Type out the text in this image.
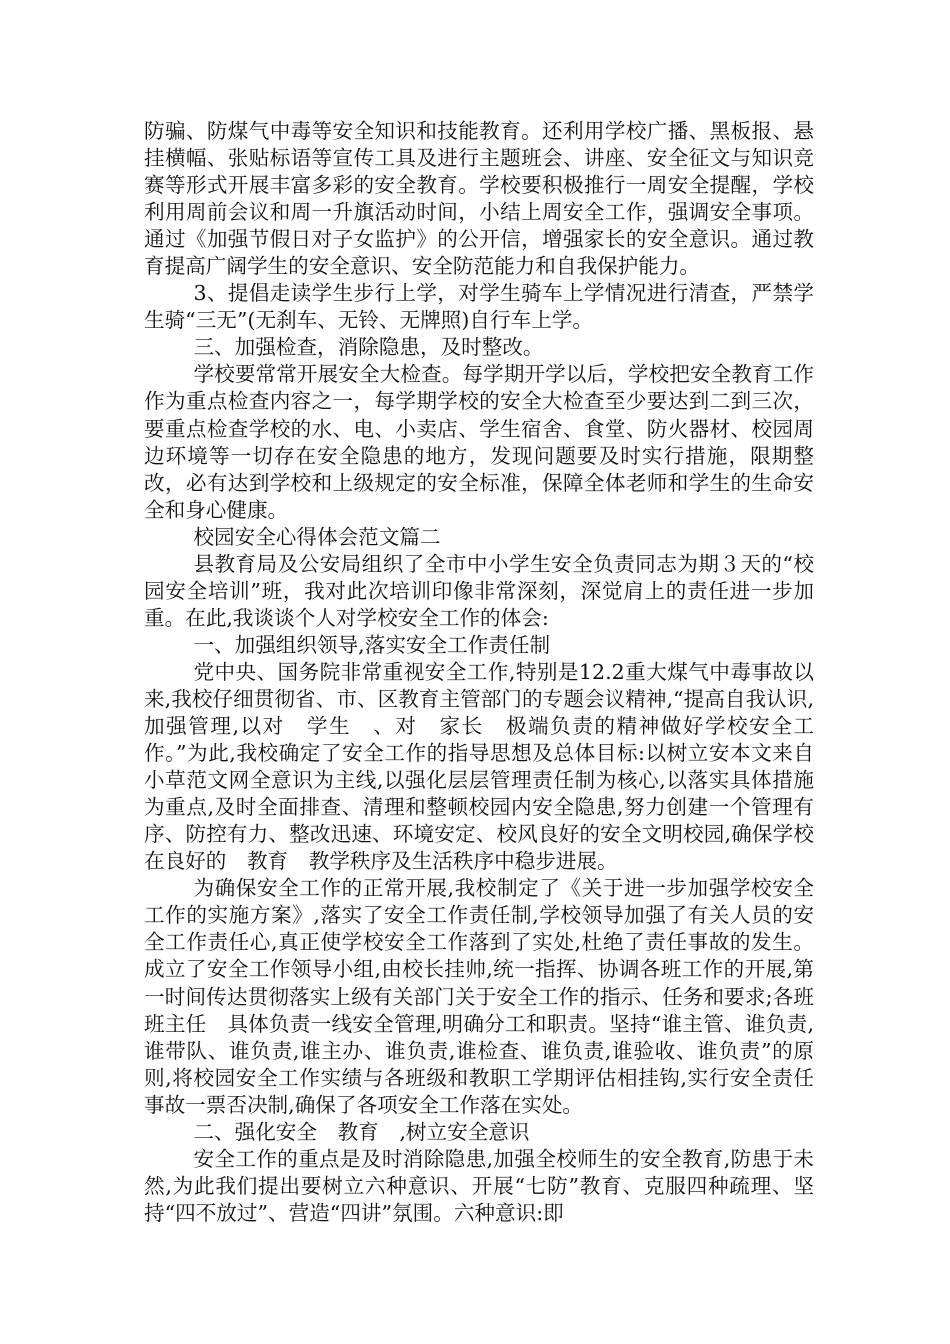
防骗、防煤气中毒等安全知识和技能教育。还利用学校广播、黑板报、悬挂横幅、张贴标语等宣传工具及进行主题班会、讲座、安全征文与知识竞赛等形式开展丰富多彩的安全教育。学校要积极推行一周安全提醒，学校利用周前会议和周一升旗活动时间，小结上周安全工作，强调安全事项。通过《加强节假日对子女监护》的公开信，增强家长的安全意识。通过教育提高广阔学生的安全意识、安全防范能力和自我保护能力。

3、提倡走读学生步行上学，对学生骑车上学情况进行清查，严禁学生骑“三无”(无刹车、无铃、无牌照)自行车上学。

三、加强检查，消除隐患，及时整改。

学校要常常开展安全大检查。每学期开学以后，学校把安全教育工作作为重点检查内容之一，每学期学校的安全大检查至少要达到二到三次，要重点检查学校的水、电、小卖店、学生宿舍、食堂、防火器材、校园周边环境等一切存在安全隐患的地方，发现问题要及时实行措施，限期整改，必有达到学校和上级规定的安全标准，保障全体老师和学生的生命安全和身心健康。

校园安全心得体会范文篇二

县教育局及公安局组织了全市中小学生安全负责同志为期３天的“校园安全培训”班，我对此次培训印像非常深刻，深觉肩上的责任进一步加重。在此,我谈谈个人对学校安全工作的体会:

一、加强组织领导,落实安全工作责任制

党中央、国务院非常重视安全工作,特别是12.2重大煤气中毒事故以来,我校仔细贯彻省、市、区教育主管部门的专题会议精神,“提高自我认识,加强管理,以对　学生　、对　家长　极端负责的精神做好学校安全工作。”为此,我校确定了安全工作的指导思想及总体目标:以树立安本文来自小草范文网全意识为主线,以强化层层管理责任制为核心,以落实具体措施为重点,及时全面排查、清理和整顿校园内安全隐患,努力创建一个管理有序、防控有力、整改迅速、环境安定、校风良好的安全文明校园,确保学校在良好的　教育　教学秩序及生活秩序中稳步进展。

为确保安全工作的正常开展,我校制定了《关于进一步加强学校安全工作的实施方案》,落实了安全工作责任制,学校领导加强了有关人员的安全工作责任心,真正使学校安全工作落到了实处,杜绝了责任事故的发生。成立了安全工作领导小组,由校长挂帅,统一指挥、协调各班工作的开展,第一时间传达贯彻落实上级有关部门关于安全工作的指示、任务和要求;各班　班主任　具体负责一线安全管理,明确分工和职责。坚持“谁主管、谁负责,谁带队、谁负责,谁主办、谁负责,谁检查、谁负责,谁验收、谁负责”的原则,将校园安全工作实绩与各班级和教职工学期评估相挂钩,实行安全责任事故一票否决制,确保了各项安全工作落在实处。

二、强化安全　教育　,树立安全意识

安全工作的重点是及时消除隐患,加强全校师生的安全教育,防患于未然,为此我们提出要树立六种意识、开展“七防”教育、克服四种疏理、坚持“四不放过”、营造“四讲”氛围。六种意识:即
